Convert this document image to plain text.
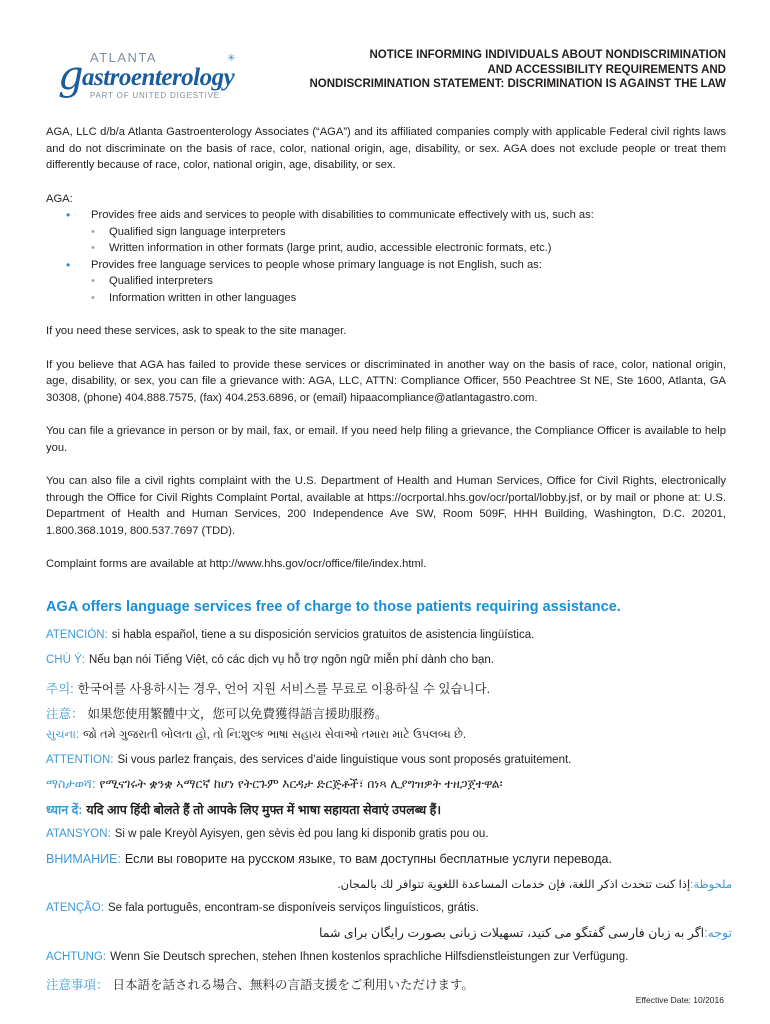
ATLANTA
g
astroenterology
✳
PART OF UNITED DIGESTIVE
NOTICE INFORMING INDIVIDUALS ABOUT NONDISCRIMINATION
AND ACCESSIBILITY REQUIREMENTS AND
NONDISCRIMINATION STATEMENT: DISCRIMINATION IS AGAINST THE LAW

AGA, LLC d/b/a Atlanta Gastroenterology Associates (“AGA”) and its affiliated companies comply with applicable Federal civil rights laws and do not discriminate on the basis of race, color, national origin, age, disability, or sex. AGA does not exclude people or treat them differently because of race, color, national origin, age, disability, or sex.

AGA:

• Provides free aids and services to people with disabilities to communicate effectively with us, such as:
• Qualified sign language interpreters
• Written information in other formats (large print, audio, accessible electronic formats, etc.)
• Provides free language services to people whose primary language is not English, such as:
• Qualified interpreters
• Information written in other languages

If you need these services, ask to speak to the site manager.

If you believe that AGA has failed to provide these services or discriminated in another way on the basis of race, color, national origin, age, disability, or sex, you can file a grievance with: AGA, LLC, ATTN: Compliance Officer, 550 Peachtree St NE, Ste 1600, Atlanta, GA 30308, (phone) 404.888.7575, (fax) 404.253.6896, or (email) hipaacompliance@atlantagastro.com.

You can file a grievance in person or by mail, fax, or email. If you need help filing a grievance, the Compliance Officer is available to help you.

You can also file a civil rights complaint with the U.S. Department of Health and Human Services, Office for Civil Rights, electronically through the Office for Civil Rights Complaint Portal, available at https://ocrportal.hhs.gov/ocr/portal/lobby.jsf, or by mail or phone at: U.S. Department of Health and Human Services, 200 Independence Ave SW, Room 509F, HHH Building, Washington, D.C. 20201, 1.800.368.1019, 800.537.7697 (TDD).

Complaint forms are available at http://www.hhs.gov/ocr/office/file/index.html.

AGA offers language services free of charge to those patients requiring assistance.
ATENCIÓN: si habla español, tiene a su disposición servicios gratuitos de asistencia lingüística.
CHÚ Ý: Nếu bạn nói Tiếng Việt, có các dịch vụ hỗ trợ ngôn ngữ miễn phí dành cho bạn.
주의: 한국어를 사용하시는 경우, 언어 지원 서비스를 무료로 이용하실 수 있습니다.
注意： 如果您使用繁體中文，您可以免費獲得語言援助服務。
સુચના: જો તમે ગુજરાતી બોલતા હો, તો નિ:શુલ્ક ભાષા સહાય સેવાઓ તમારા માટે ઉપલબ્ધ છે.
ATTENTION: Si vous parlez français, des services d’aide linguistique vous sont proposés gratuitement.
ማስታወሻ: የሚናገሩት ቋንቋ ኣማርኛ ከሆነ የትርጉም እርዳታ ድርጅቶች፣ በነጻ ሊያግዝዎት ተዘጋጀተዋል፡
ध्यान दें: यदि आप हिंदी बोलते हैं तो आपके लिए मुफ्त में भाषा सहायता सेवाएं उपलब्ध हैं।
ATANSYON: Si w pale Kreyòl Ayisyen, gen sèvis èd pou lang ki disponib gratis pou ou.
ВНИМАНИЕ: Если вы говорите на русском языке, то вам доступны бесплатные услуги перевода.
ملحوظة:إذا كنت تتحدث اذكر اللغة، فإن خدمات المساعدة اللغوية تتوافر لك بالمجان.
ATENÇÃO: Se fala português, encontram-se disponíveis serviços linguísticos, grátis.
توجه:اگر به زبان فارسی گفتگو می کنید، تسهیلات زبانی بصورت رایگان برای شما
ACHTUNG: Wenn Sie Deutsch sprechen, stehen Ihnen kostenlos sprachliche Hilfsdienstleistungen zur Verfügung.
注意事項： 日本語を話される場合、無料の言語支援をご利用いただけます。
Effective Date: 10/2016
